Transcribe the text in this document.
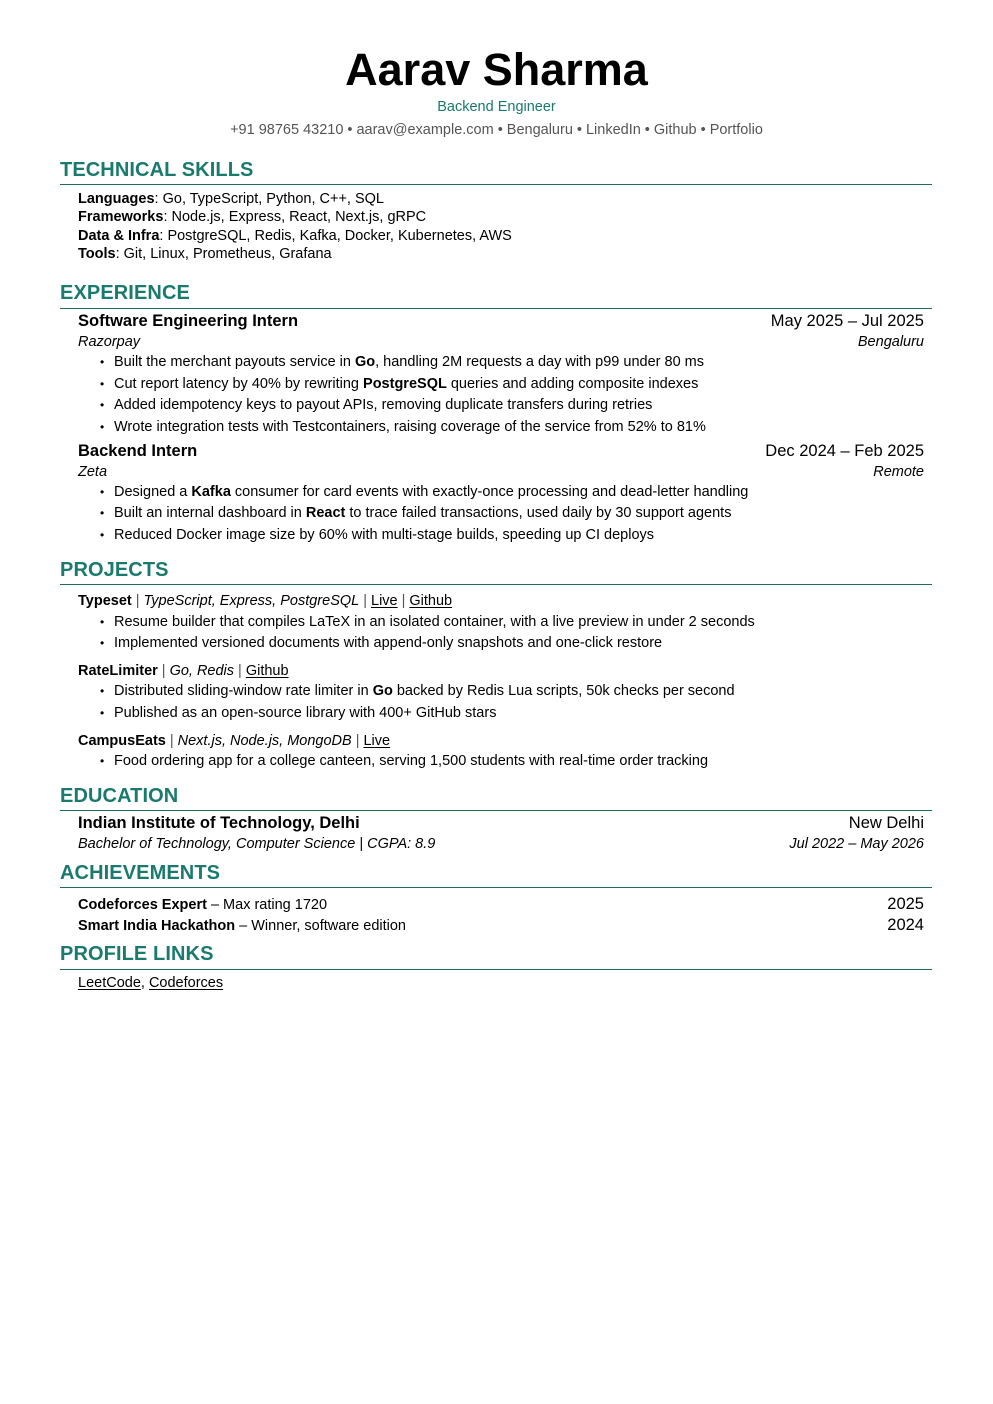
Aarav Sharma
Backend Engineer
+91 98765 43210 • aarav@example.com • Bengaluru • LinkedIn • Github • Portfolio
TECHNICAL SKILLS
Languages: Go, TypeScript, Python, C++, SQL
Frameworks: Node.js, Express, React, Next.js, gRPC
Data & Infra: PostgreSQL, Redis, Kafka, Docker, Kubernetes, AWS
Tools: Git, Linux, Prometheus, Grafana
EXPERIENCE
Software Engineering Intern	May 2025 – Jul 2025
Razorpay	Bengaluru
• Built the merchant payouts service in Go, handling 2M requests a day with p99 under 80 ms
• Cut report latency by 40% by rewriting PostgreSQL queries and adding composite indexes
• Added idempotency keys to payout APIs, removing duplicate transfers during retries
• Wrote integration tests with Testcontainers, raising coverage of the service from 52% to 81%
Backend Intern	Dec 2024 – Feb 2025
Zeta	Remote
• Designed a Kafka consumer for card events with exactly-once processing and dead-letter handling
• Built an internal dashboard in React to trace failed transactions, used daily by 30 support agents
• Reduced Docker image size by 60% with multi-stage builds, speeding up CI deploys
PROJECTS
Typeset | TypeScript, Express, PostgreSQL | Live | Github
• Resume builder that compiles LaTeX in an isolated container, with a live preview in under 2 seconds
• Implemented versioned documents with append-only snapshots and one-click restore
RateLimiter | Go, Redis | Github
• Distributed sliding-window rate limiter in Go backed by Redis Lua scripts, 50k checks per second
• Published as an open-source library with 400+ GitHub stars
CampusEats | Next.js, Node.js, MongoDB | Live
• Food ordering app for a college canteen, serving 1,500 students with real-time order tracking
EDUCATION
Indian Institute of Technology, Delhi	New Delhi
Bachelor of Technology, Computer Science | CGPA: 8.9	Jul 2022 – May 2026
ACHIEVEMENTS
Codeforces Expert – Max rating 1720	2025
Smart India Hackathon – Winner, software edition	2024
PROFILE LINKS
LeetCode, Codeforces
